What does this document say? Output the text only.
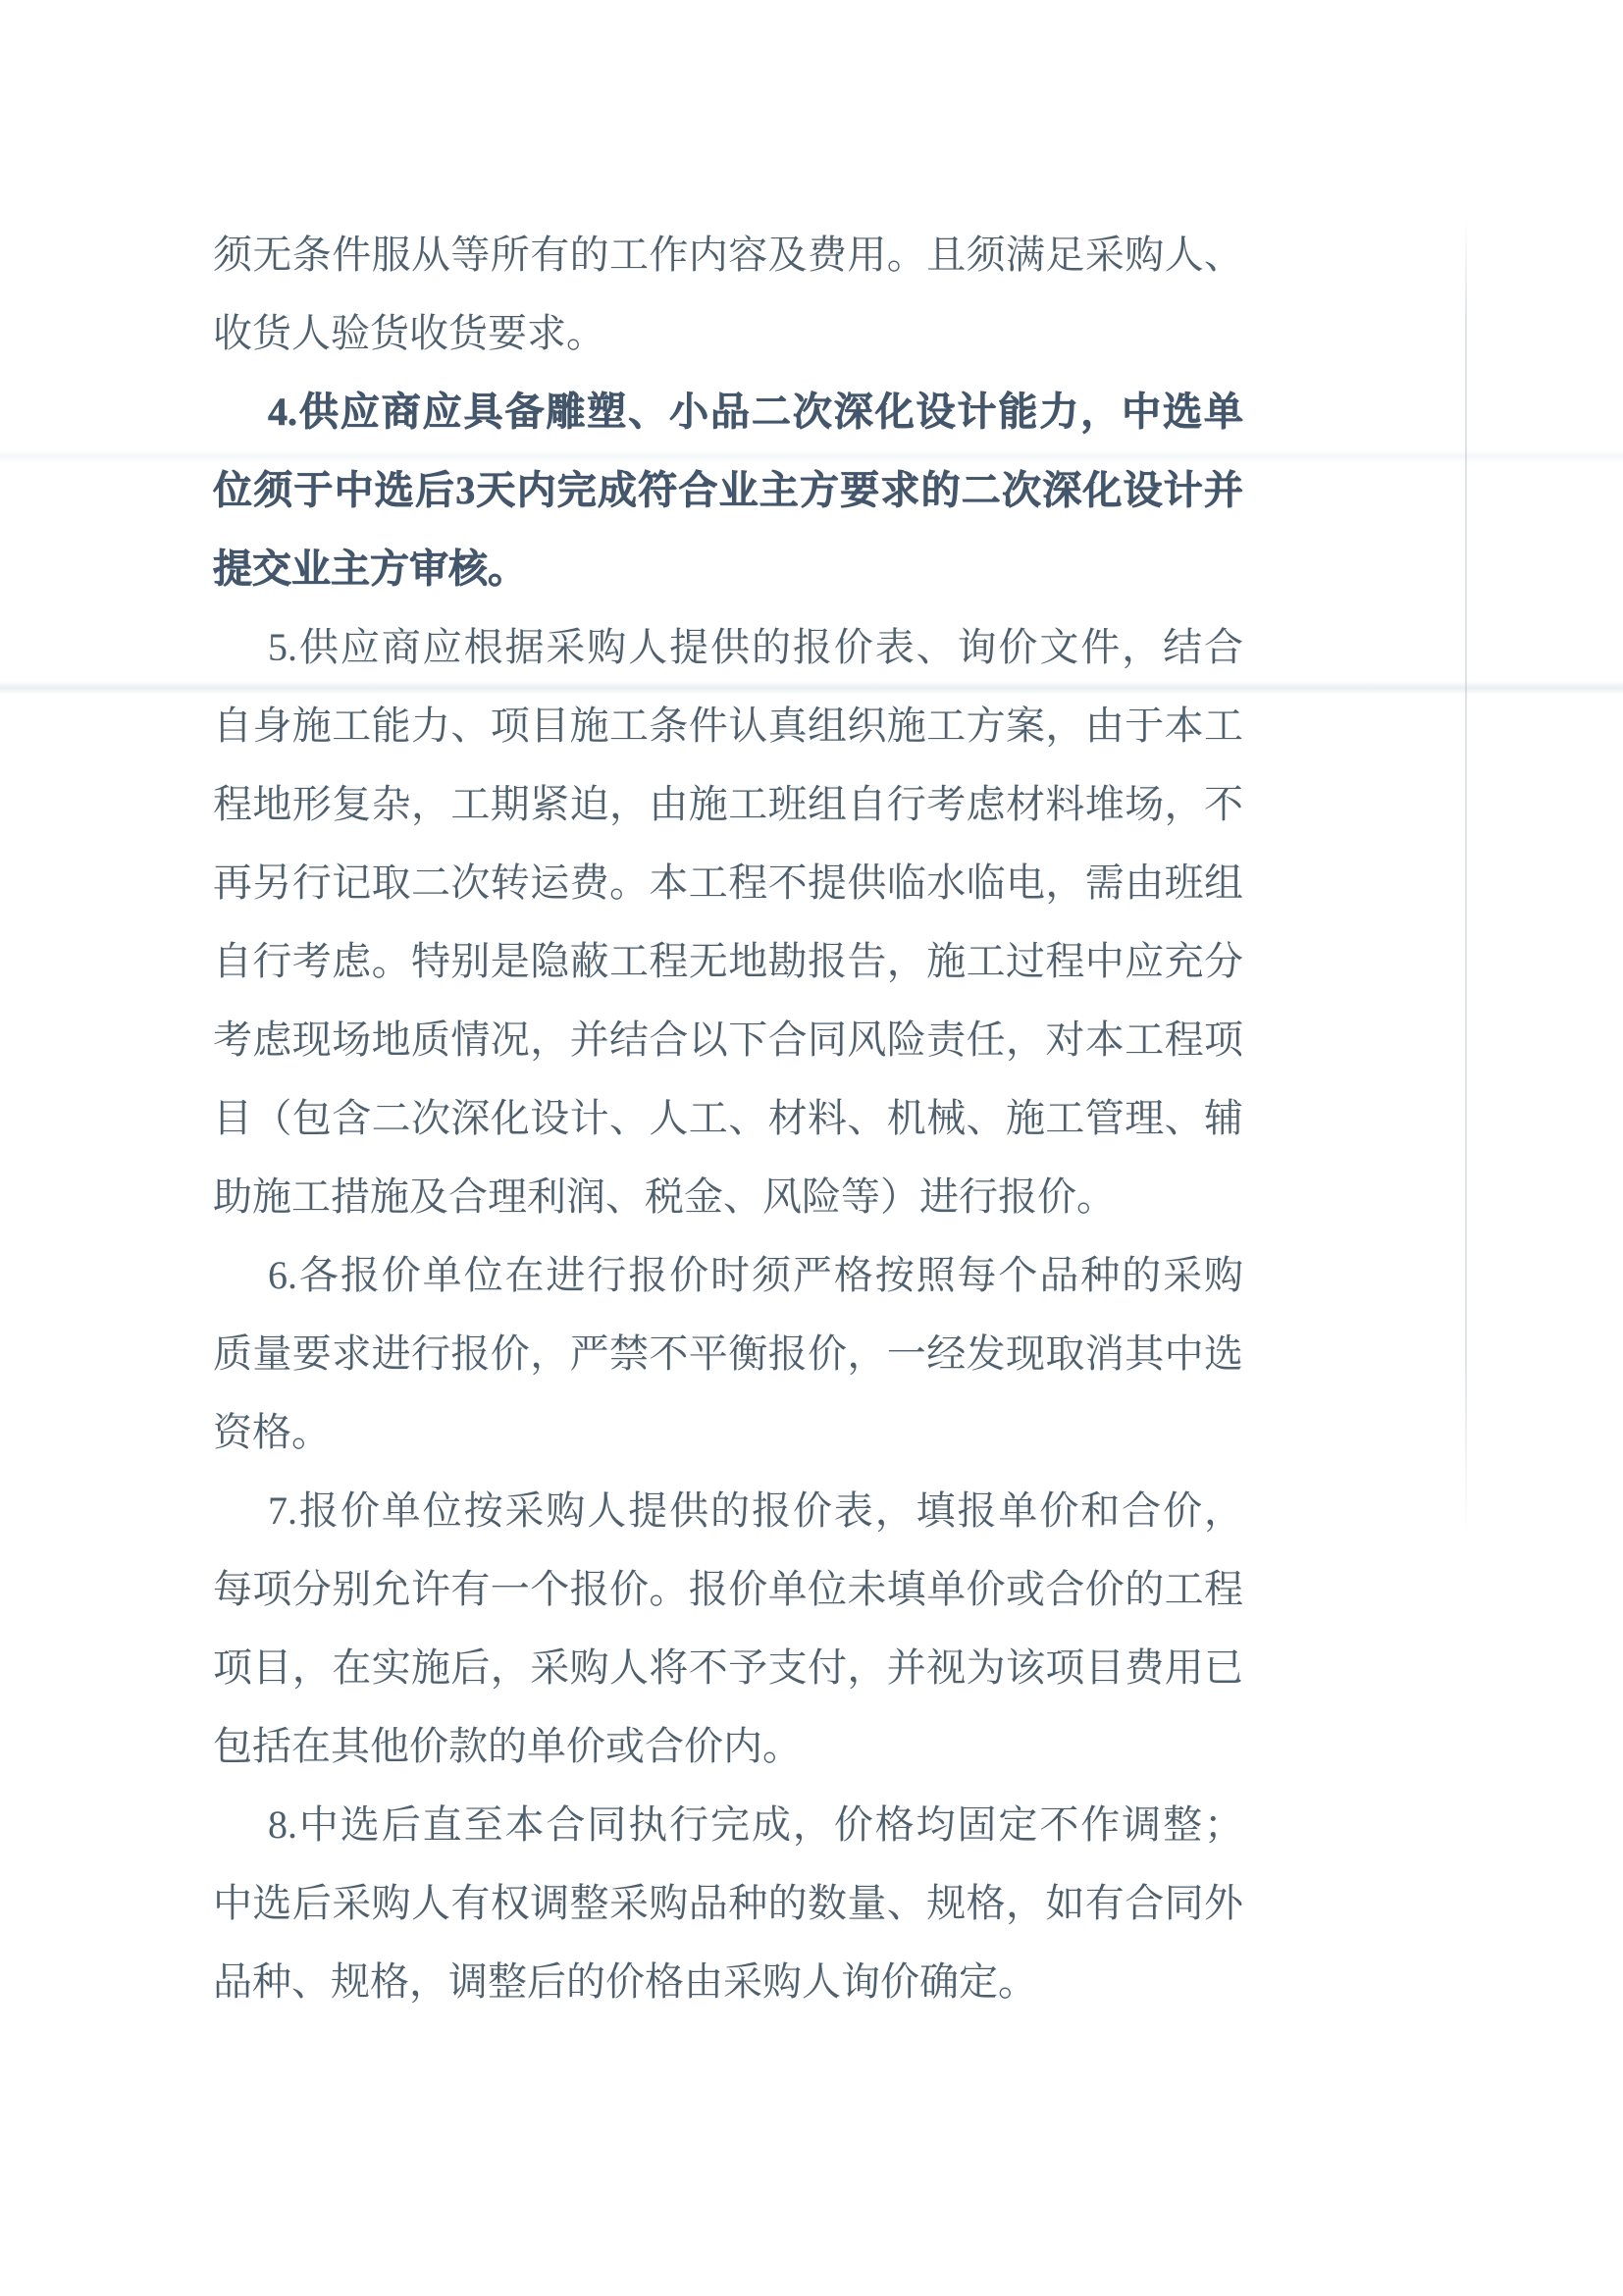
须无条件服从等所有的工作内容及费用。且须满足采购人、
收货人验货收货要求。
4.供应商应具备雕塑、小品二次深化设计能力，中选单
位须于中选后3天内完成符合业主方要求的二次深化设计并
提交业主方审核。
5.供应商应根据采购人提供的报价表、询价文件，结合
自身施工能力、项目施工条件认真组织施工方案，由于本工
程地形复杂，工期紧迫，由施工班组自行考虑材料堆场，不
再另行记取二次转运费。本工程不提供临水临电，需由班组
自行考虑。特别是隐蔽工程无地勘报告，施工过程中应充分
考虑现场地质情况，并结合以下合同风险责任，对本工程项
目（包含二次深化设计、人工、材料、机械、施工管理、辅
助施工措施及合理利润、税金、风险等）进行报价。
6.各报价单位在进行报价时须严格按照每个品种的采购
质量要求进行报价，严禁不平衡报价，一经发现取消其中选
资格。
7.报价单位按采购人提供的报价表，填报单价和合价，
每项分别允许有一个报价。报价单位未填单价或合价的工程
项目，在实施后，采购人将不予支付，并视为该项目费用已
包括在其他价款的单价或合价内。
8.中选后直至本合同执行完成，价格均固定不作调整；
中选后采购人有权调整采购品种的数量、规格，如有合同外
品种、规格，调整后的价格由采购人询价确定。
